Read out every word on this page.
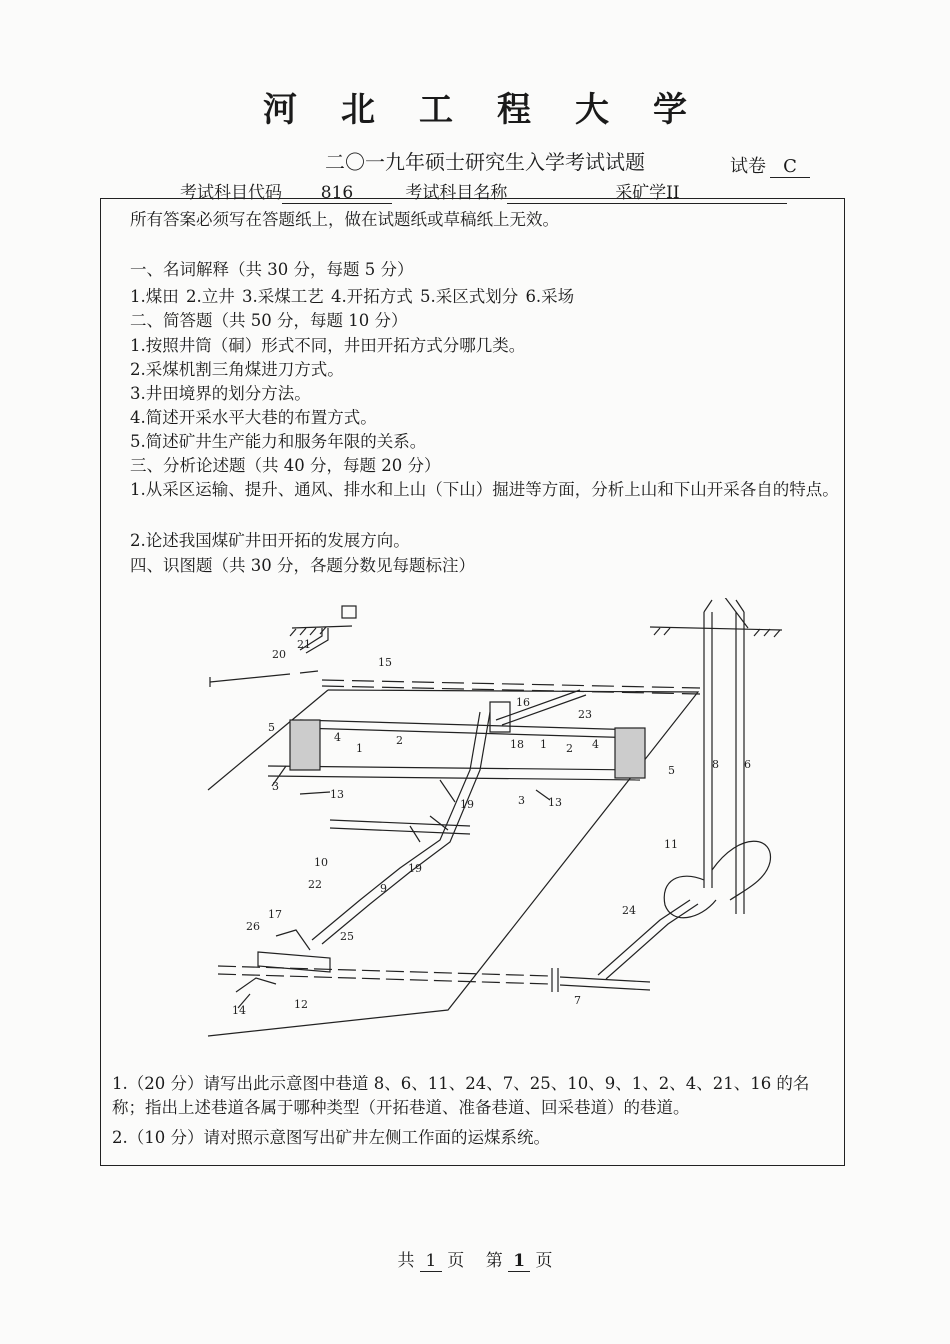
河北工程大学
二〇一九年硕士研究生入学考试试题	试卷 C
考试科目代码 816	考试科目名称	采矿学II
所有答案必须写在答题纸上，做在试题纸或草稿纸上无效。
一、名词解释（共 30 分，每题 5 分）
1.煤田 2.立井 3.采煤工艺 4.开拓方式 5.采区式划分 6.采场
二、简答题（共 50 分，每题 10 分）
1.按照井筒（硐）形式不同，井田开拓方式分哪几类。
2.采煤机割三角煤进刀方式。
3.井田境界的划分方法。
4.简述开采水平大巷的布置方式。
5.简述矿井生产能力和服务年限的关系。
三、分析论述题（共 40 分，每题 20 分）
1.从采区运输、提升、通风、排水和上山（下山）掘进等方面，分析上山和下山开采各自的特点。
2.论述我国煤矿井田开拓的发展方向。
四、识图题（共 30 分，各题分数见每题标注）
20
21
15
16
23
5
4
1
2	18 1 2 4
5	8 6
3
13
19	3 13
19
10
22	9
11
24
17
26
25
7
14	12
1.（20 分）请写出此示意图中巷道 8、6、11、24、7、25、10、9、1、2、4、21、16 的名称；指出上述巷道各属于哪种类型（开拓巷道、准备巷道、回采巷道）的巷道。
2.（10 分）请对照示意图写出矿井左侧工作面的运煤系统。
共 1 页 第 1 页
